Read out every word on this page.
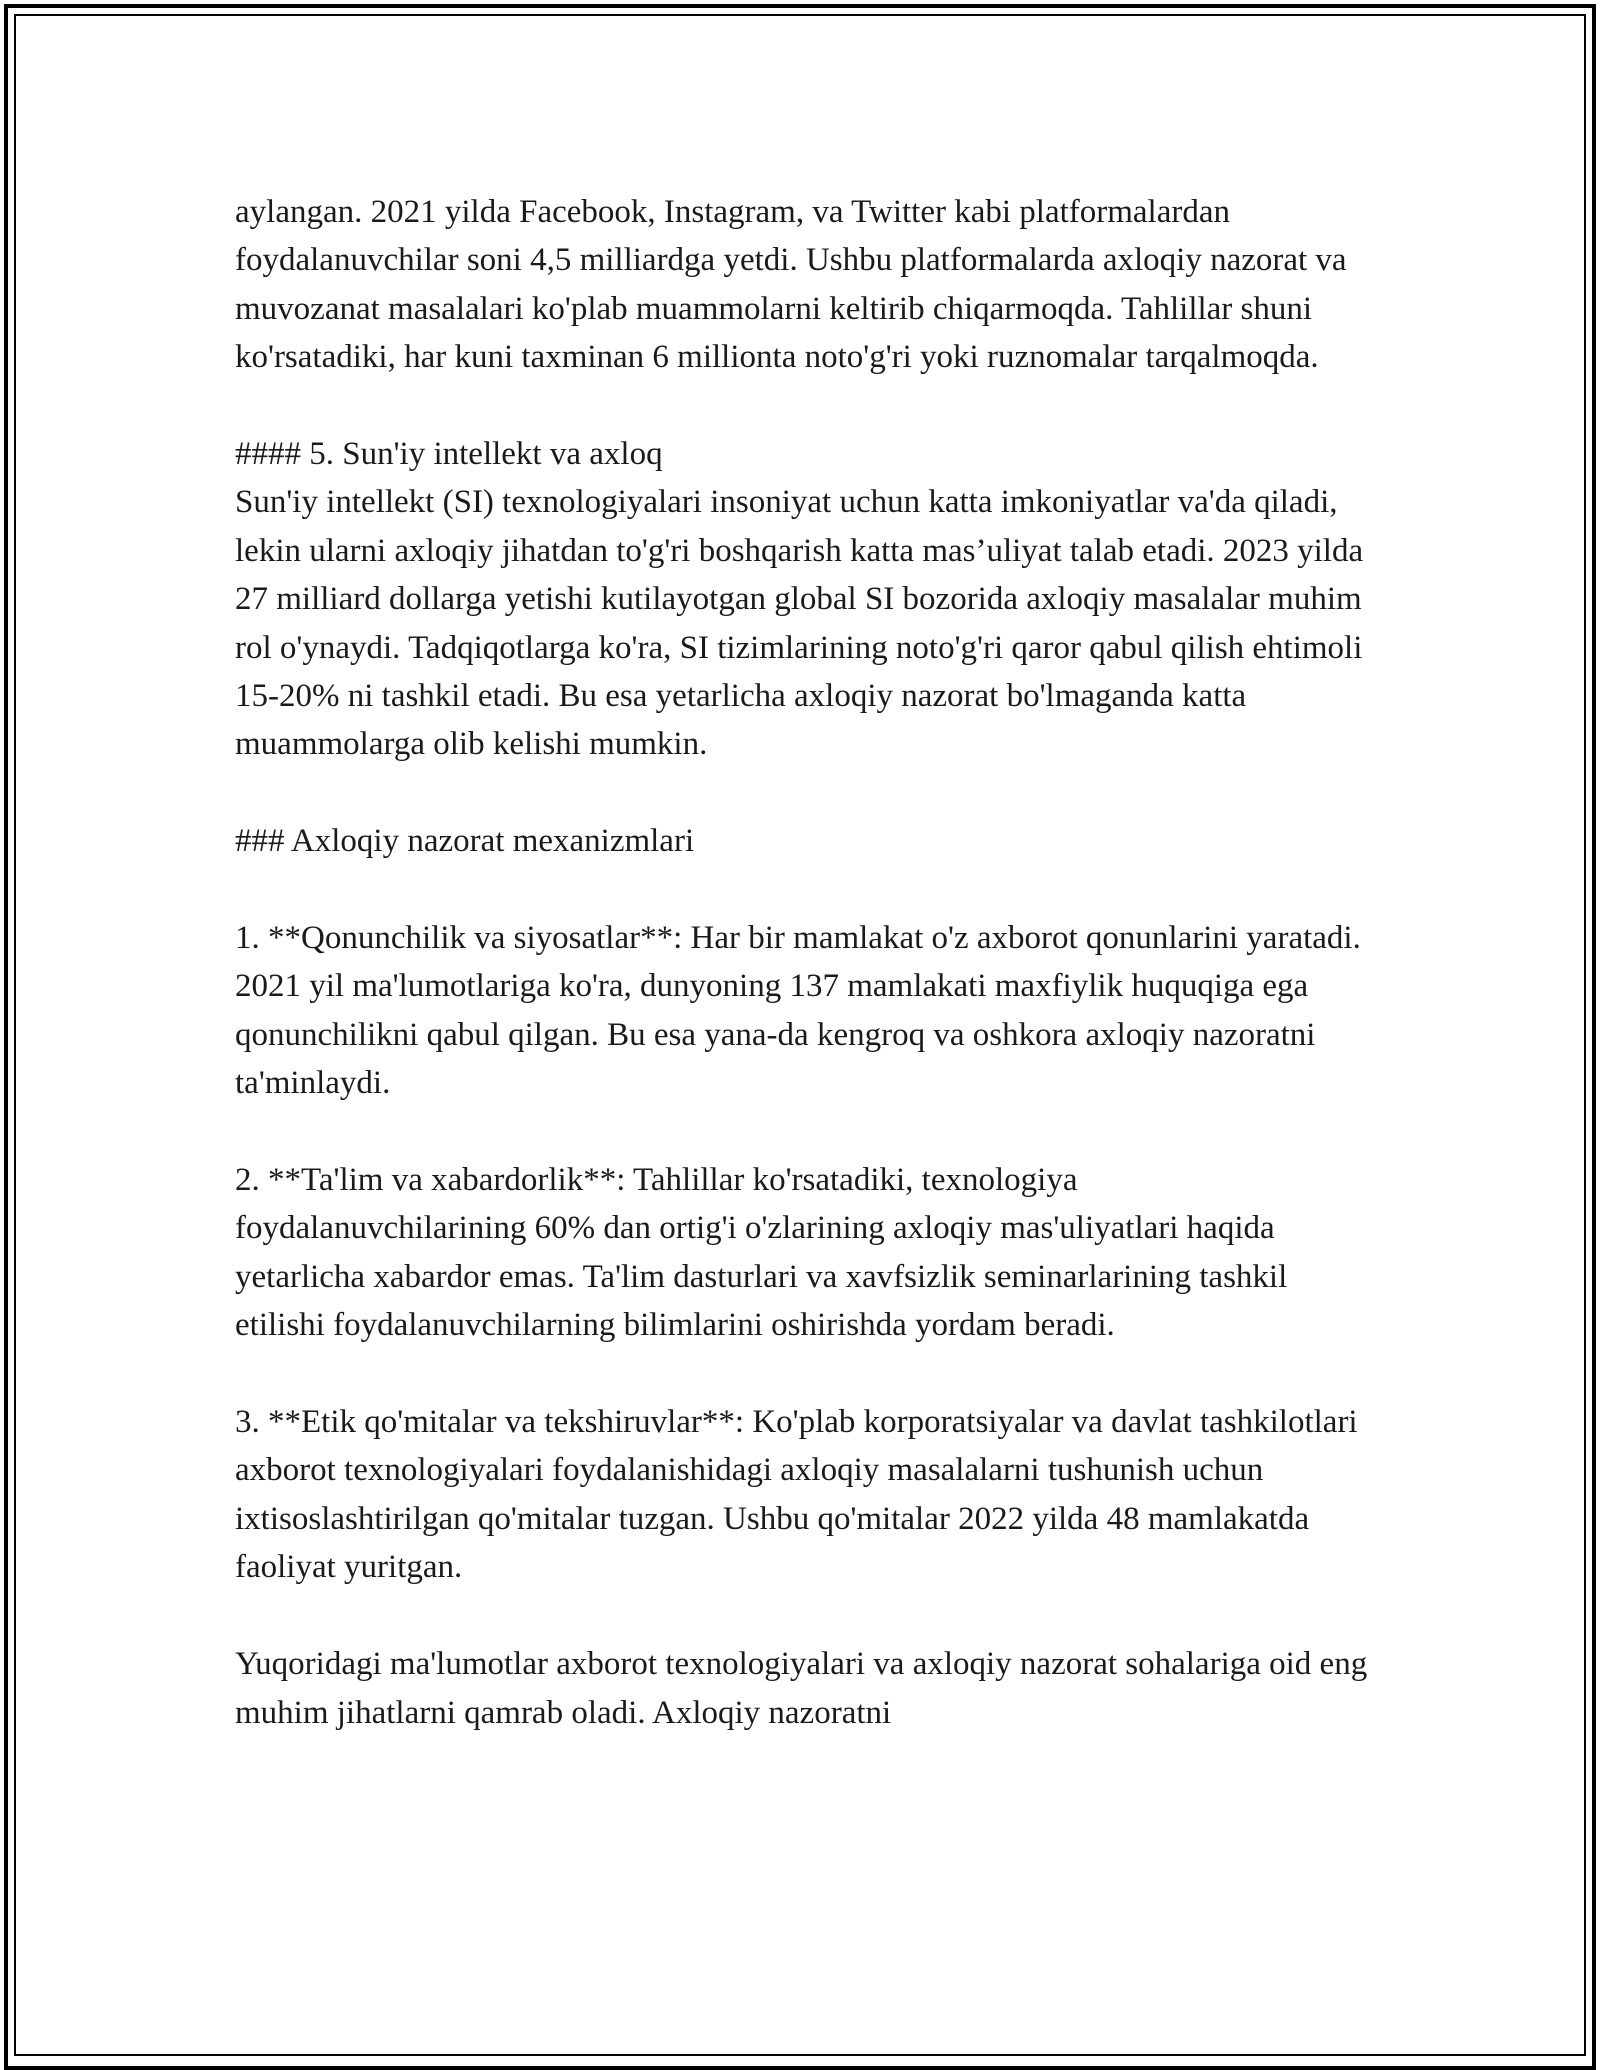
aylangan. 2021 yilda Facebook, Instagram, va Twitter kabi platformalardan foydalanuvchilar soni 4,5 milliardga yetdi. Ushbu platformalarda axloqiy nazorat va muvozanat masalalari ko'plab muammolarni keltirib chiqarmoqda. Tahlillar shuni ko'rsatadiki, har kuni taxminan 6 millionta noto'g'ri yoki ruznomalar tarqalmoqda.

#### 5. Sun'iy intellekt va axloq

Sun'iy intellekt (SI) texnologiyalari insoniyat uchun katta imkoniyatlar va'da qiladi, lekin ularni axloqiy jihatdan to'g'ri boshqarish katta mas’uliyat talab etadi. 2023 yilda 27 milliard dollarga yetishi kutilayotgan global SI bozorida axloqiy masalalar muhim rol o'ynaydi. Tadqiqotlarga ko'ra, SI tizimlarining noto'g'ri qaror qabul qilish ehtimoli 15-20% ni tashkil etadi. Bu esa yetarlicha axloqiy nazorat bo'lmaganda katta muammolarga olib kelishi mumkin.

### Axloqiy nazorat mexanizmlari

1. **Qonunchilik va siyosatlar**: Har bir mamlakat o'z axborot qonunlarini yaratadi. 2021 yil ma'lumotlariga ko'ra, dunyoning 137 mamlakati maxfiylik huquqiga ega qonunchilikni qabul qilgan. Bu esa yana-da kengroq va oshkora axloqiy nazoratni ta'minlaydi.

2. **Ta'lim va xabardorlik**: Tahlillar ko'rsatadiki, texnologiya foydalanuvchilarining 60% dan ortig'i o'zlarining axloqiy mas'uliyatlari haqida yetarlicha xabardor emas. Ta'lim dasturlari va xavfsizlik seminarlarining tashkil etilishi foydalanuvchilarning bilimlarini oshirishda yordam beradi.

3. **Etik qo'mitalar va tekshiruvlar**: Ko'plab korporatsiyalar va davlat tashkilotlari axborot texnologiyalari foydalanishidagi axloqiy masalalarni tushunish uchun ixtisoslashtirilgan qo'mitalar tuzgan. Ushbu qo'mitalar 2022 yilda 48 mamlakatda faoliyat yuritgan.

Yuqoridagi ma'lumotlar axborot texnologiyalari va axloqiy nazorat sohalariga oid eng muhim jihatlarni qamrab oladi. Axloqiy nazoratni
